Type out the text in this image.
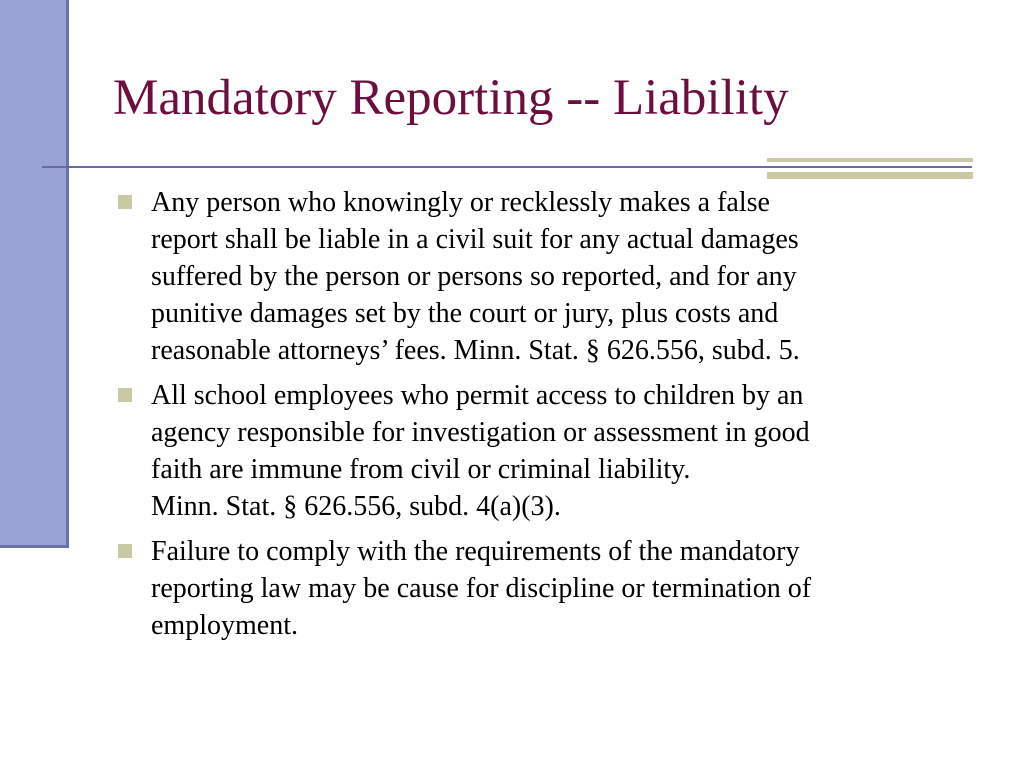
Mandatory Reporting -- Liability
Any person who knowingly or recklessly makes a false
report shall be liable in a civil suit for any actual damages
suffered by the person or persons so reported, and for any
punitive damages set by the court or jury, plus costs and
reasonable attorneys’ fees. Minn. Stat. § 626.556, subd. 5.
All school employees who permit access to children by an
agency responsible for investigation or assessment in good
faith are immune from civil or criminal liability.
Minn. Stat. § 626.556, subd. 4(a)(3).
Failure to comply with the requirements of the mandatory
reporting law may be cause for discipline or termination of
employment.
